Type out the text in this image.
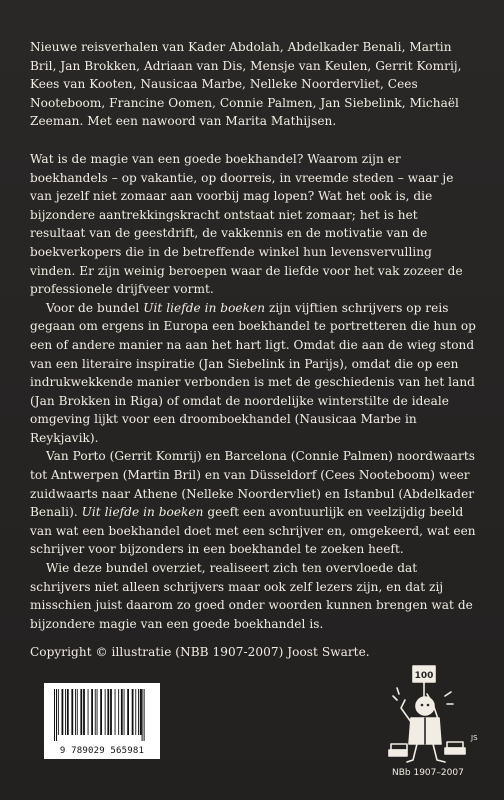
Nieuwe reisverhalen van Kader Abdolah, Abdelkader Benali, Martin Bril, Jan Brokken, Adriaan van Dis, Mensje van Keulen, Gerrit Komrij, Kees van Kooten, Nausicaa Marbe, Nelleke Noordervliet, Cees Nooteboom, Francine Oomen, Connie Palmen, Jan Siebelink, Michaël Zeeman. Met een nawoord van Marita Mathijsen.

Wat is de magie van een goede boekhandel? Waarom zijn er boekhandels – op vakantie, op doorreis, in vreemde steden – waar je van jezelf niet zomaar aan voorbij mag lopen? Wat het ook is, die bijzondere aantrekkingskracht ontstaat niet zomaar; het is het resultaat van de geestdrift, de vakkennis en de motivatie van de boekverkopers die in de betreffende winkel hun levensvervulling vinden. Er zijn weinig beroepen waar de liefde voor het vak zozeer de professionele drijfveer vormt.

Voor de bundel Uit liefde in boeken zijn vijftien schrijvers op reis gegaan om ergens in Europa een boekhandel te portretteren die hun op een of andere manier na aan het hart ligt. Omdat die aan de wieg stond van een literaire inspiratie (Jan Siebelink in Parijs), omdat die op een indrukwekkende manier verbonden is met de geschiedenis van het land (Jan Brokken in Riga) of omdat de noordelijke winterstilte de ideale omgeving lijkt voor een droomboekhandel (Nausicaa Marbe in Reykjavik).

Van Porto (Gerrit Komrij) en Barcelona (Connie Palmen) noordwaarts tot Antwerpen (Martin Bril) en van Düsseldorf (Cees Nooteboom) weer zuidwaarts naar Athene (Nelleke Noordervliet) en Istanbul (Abdelkader Benali). Uit liefde in boeken geeft een avontuurlijk en veelzijdig beeld van wat een boekhandel doet met een schrijver en, omgekeerd, wat een schrijver voor bijzonders in een boekhandel te zoeken heeft.

Wie deze bundel overziet, realiseert zich ten overvloede dat schrijvers niet alleen schrijvers maar ook zelf lezers zijn, en dat zij misschien juist daarom zo goed onder woorden kunnen brengen wat de bijzondere magie van een goede boekhandel is.

Copyright © illustratie (NBB 1907-2007) Joost Swarte.

9 789029 565981
100
JS
NBb 1907–2007
